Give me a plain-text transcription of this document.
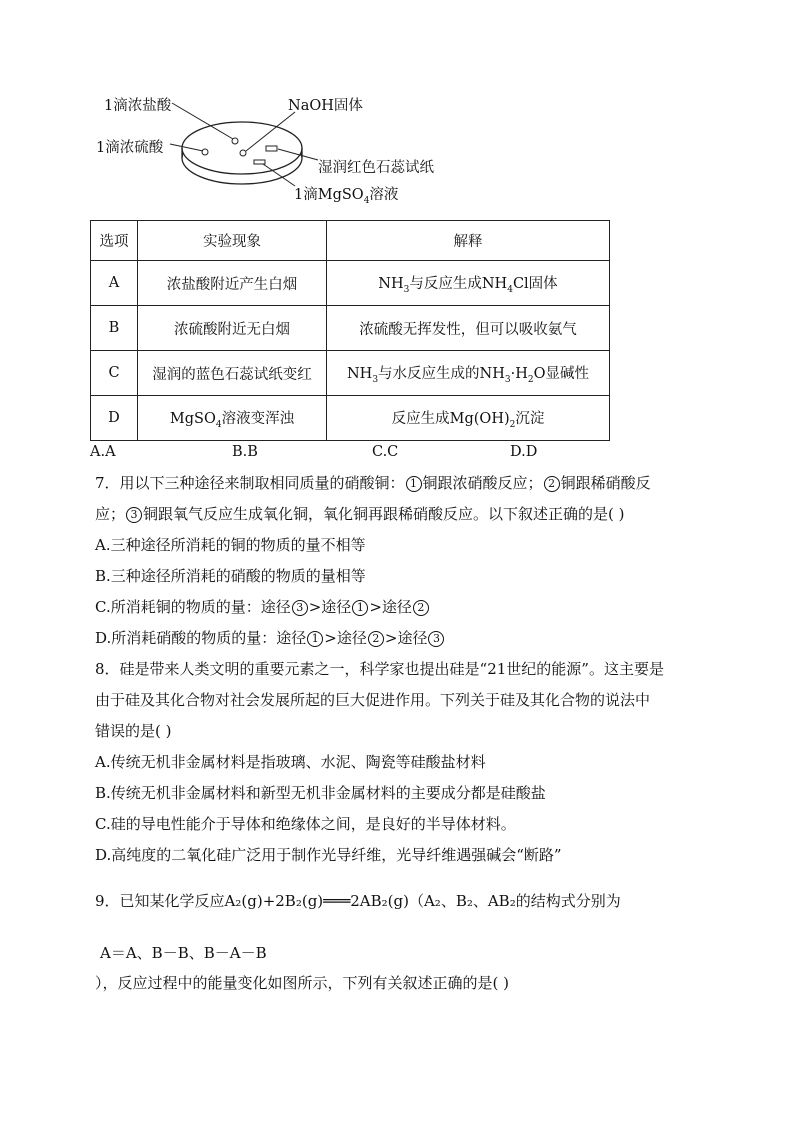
1滴浓盐酸	NaOH固体
1滴浓硫酸
湿润红色石蕊试纸
1滴MgSO$_4$溶液
选项	实验现象	解释
A	浓盐酸附近产生白烟	$NH_3$与反应生成$NH_4Cl$固体
B	浓硫酸附近无白烟	浓硫酸无挥发性，但可以吸收氨气
C	湿润的蓝色石蕊试纸变红	$NH_3$与水反应生成的$NH_3\cdot H_2O$显碱性
D	MgSO$_4$溶液变浑浊	反应生成$Mg(OH)_2$沉淀
A.A	B.B	C.C	D.D
7．用以下三种途径来制取相同质量的硝酸铜： 1 铜跟浓硝酸反应； 2 铜跟稀硝酸反
应； 3 铜跟氧气反应生成氧化铜，氧化铜再跟稀硝酸反应。以下叙述正确的是( )
A.三种途径所消耗的铜的物质的量不相等
B.三种途径所消耗的硝酸的物质的量相等
C.所消耗铜的物质的量：途径 3 >途径 1 >途径 2
D.所消耗硝酸的物质的量：途径 1 >途径 2 >途径 3
8．硅是带来人类文明的重要元素之一，科学家也提出硅是“21世纪的能源”。这主要是
由于硅及其化合物对社会发展所起的巨大促进作用。下列关于硅及其化合物的说法中
错误的是( )
A.传统无机非金属材料是指玻璃、水泥、陶瓷等硅酸盐材料
B.传统无机非金属材料和新型无机非金属材料的主要成分都是硅酸盐
C.硅的导电性能介于导体和绝缘体之间，是良好的半导体材料。
D.高纯度的二氧化硅广泛用于制作光导纤维，光导纤维遇强碱会“断路”
9．已知某化学反应A₂(g)+2B₂(g)═══2AB₂(g)（A₂、B₂、AB₂的结构式分别为
A＝A、B－B、B－A－B
），反应过程中的能量变化如图所示，下列有关叙述正确的是( )
